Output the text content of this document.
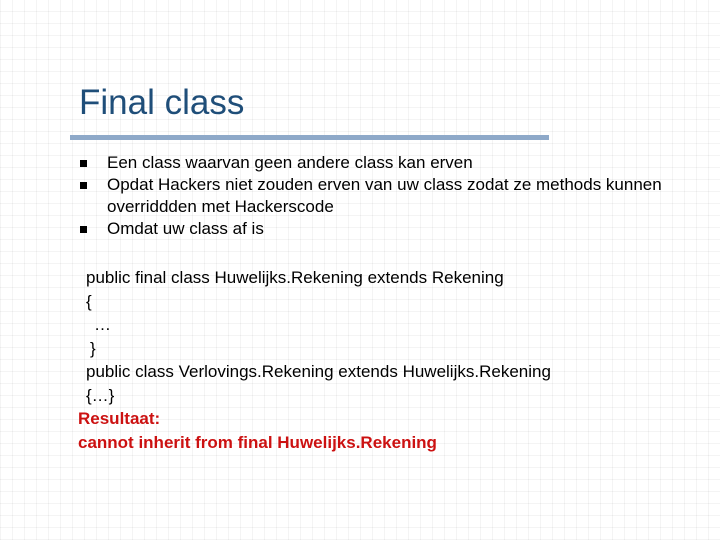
Final class
Een class waarvan geen andere class kan erven
Opdat Hackers niet zouden erven van uw class zodat ze methods kunnen overriddden met Hackerscode
Omdat uw class af is
public final class Huwelijks.Rekening extends Rekening
{
…
}
public class Verlovings.Rekening extends Huwelijks.Rekening
{…}
Resultaat:
cannot inherit from final Huwelijks.Rekening
